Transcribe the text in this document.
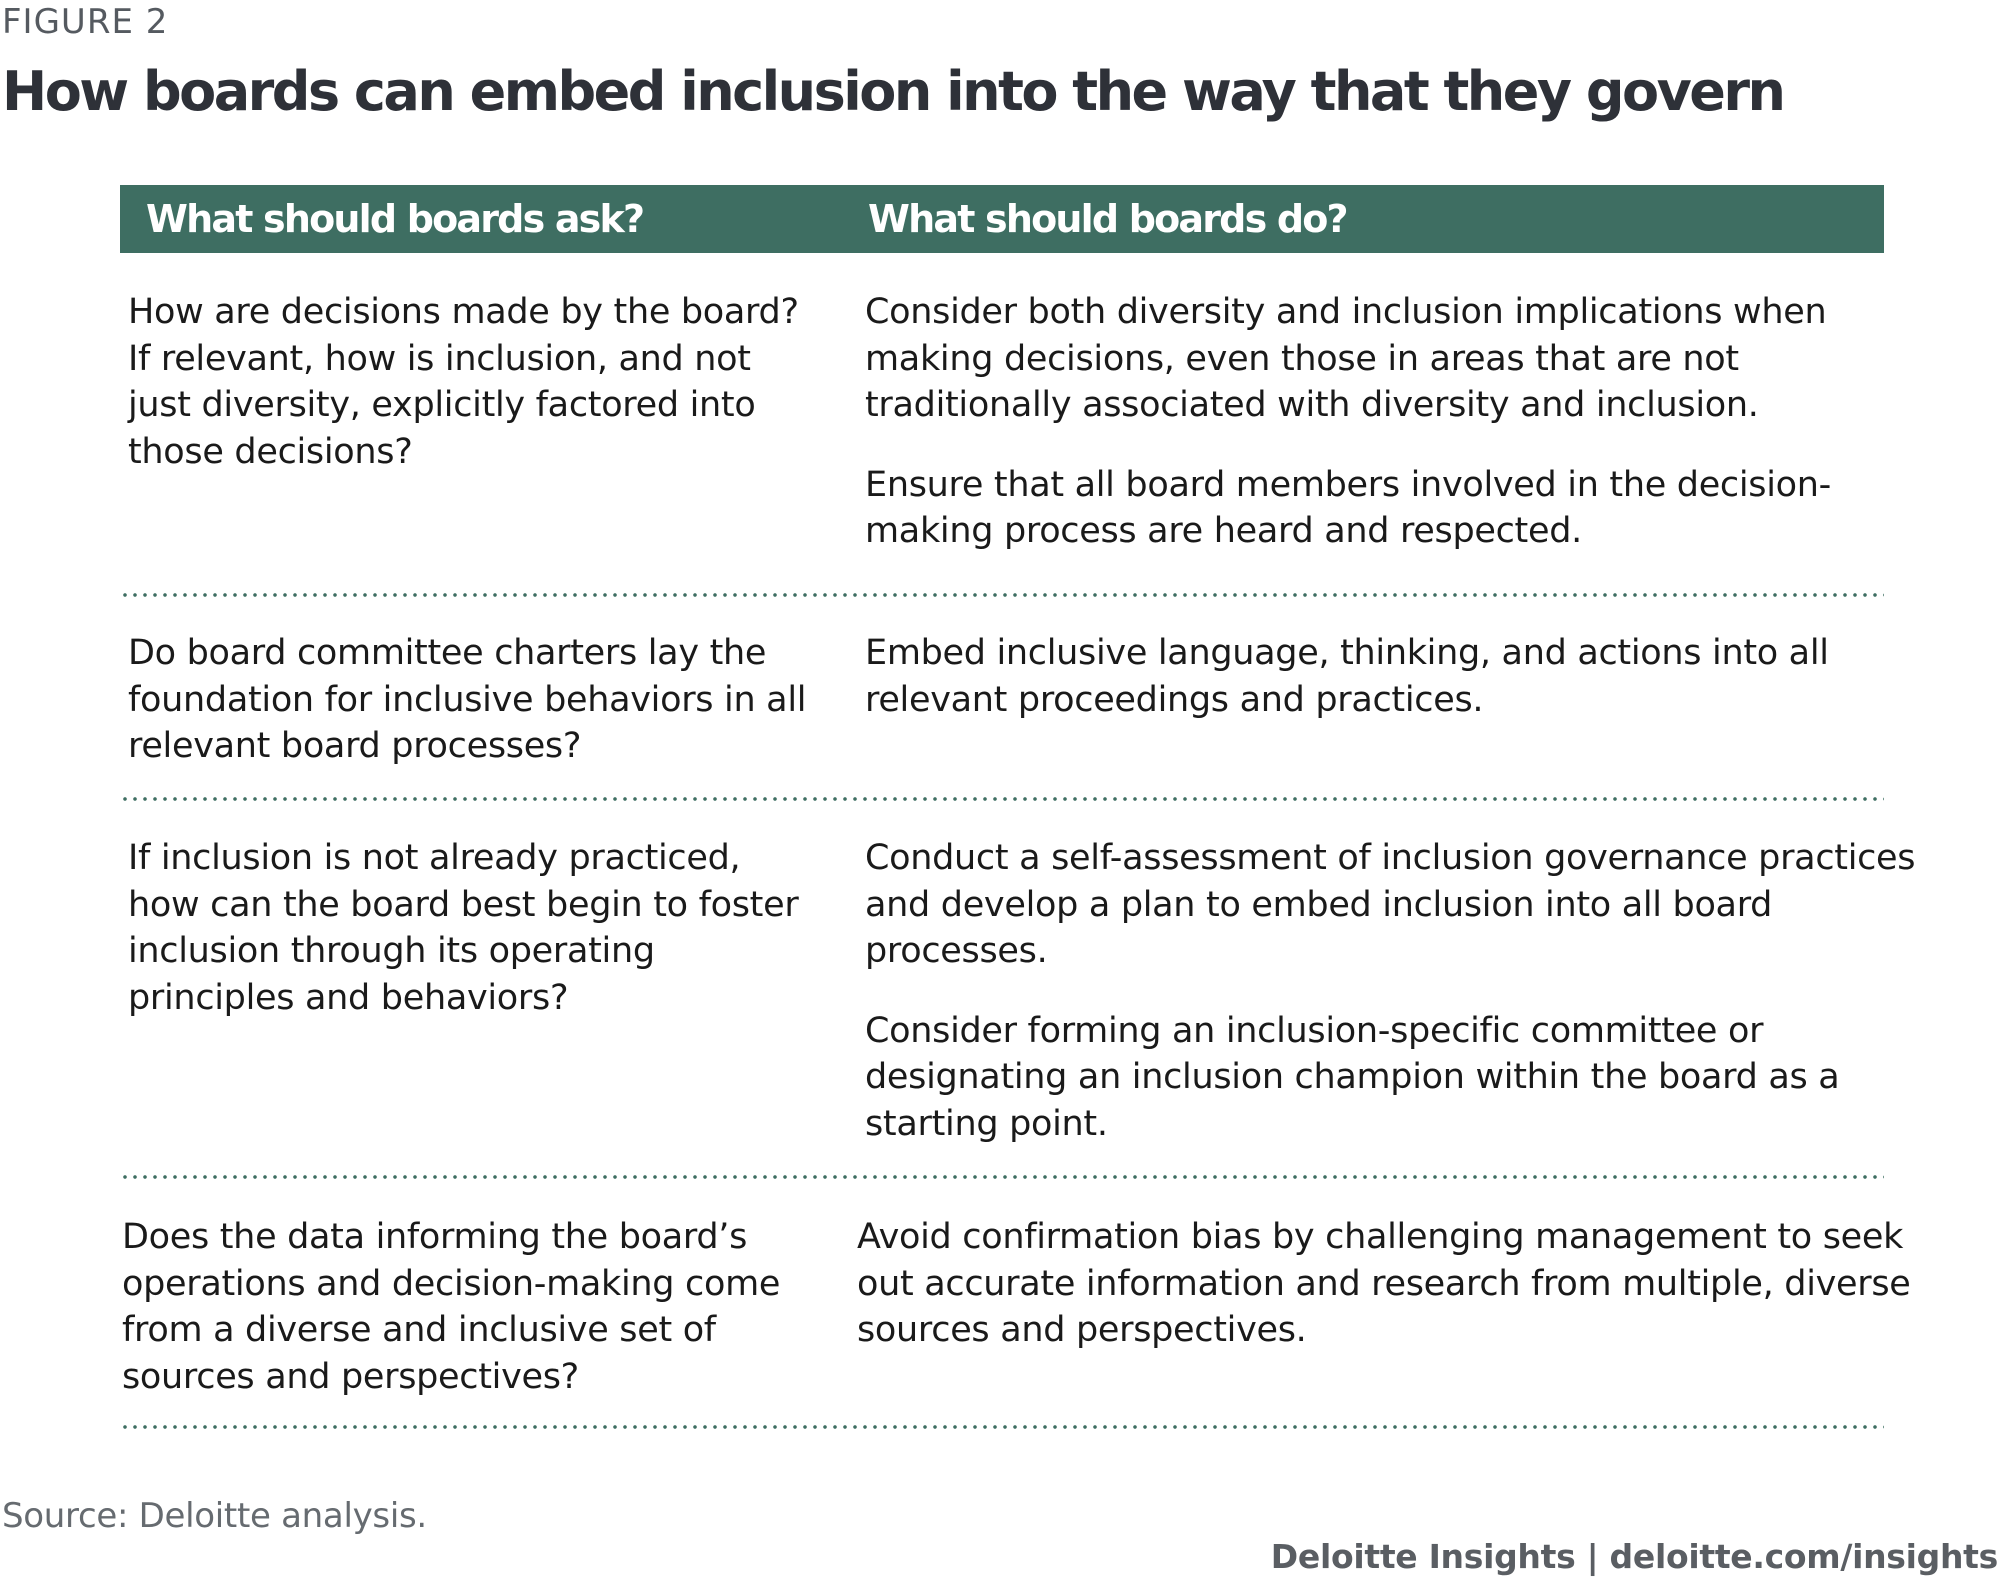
FIGURE 2
How boards can embed inclusion into the way that they govern
What should boards ask?	What should boards do?
How are decisions made by the board? If relevant, how is inclusion, and not just diversity, explicitly factored into those decisions?

Consider both diversity and inclusion implications when making decisions, even those in areas that are not traditionally associated with diversity and inclusion.

Ensure that all board members involved in the decision-making process are heard and respected.

Do board committee charters lay the foundation for inclusive behaviors in all relevant board processes?

Embed inclusive language, thinking, and actions into all relevant proceedings and practices.

If inclusion is not already practiced, how can the board best begin to foster inclusion through its operating principles and behaviors?

Conduct a self-assessment of inclusion governance practices and develop a plan to embed inclusion into all board processes.

Consider forming an inclusion-specific committee or designating an inclusion champion within the board as a starting point.

Does the data informing the board’s operations and decision-making come from a diverse and inclusive set of sources and perspectives?

Avoid confirmation bias by challenging management to seek out accurate information and research from multiple, diverse sources and perspectives.

Source: Deloitte analysis.
Deloitte Insights | deloitte.com/insights
